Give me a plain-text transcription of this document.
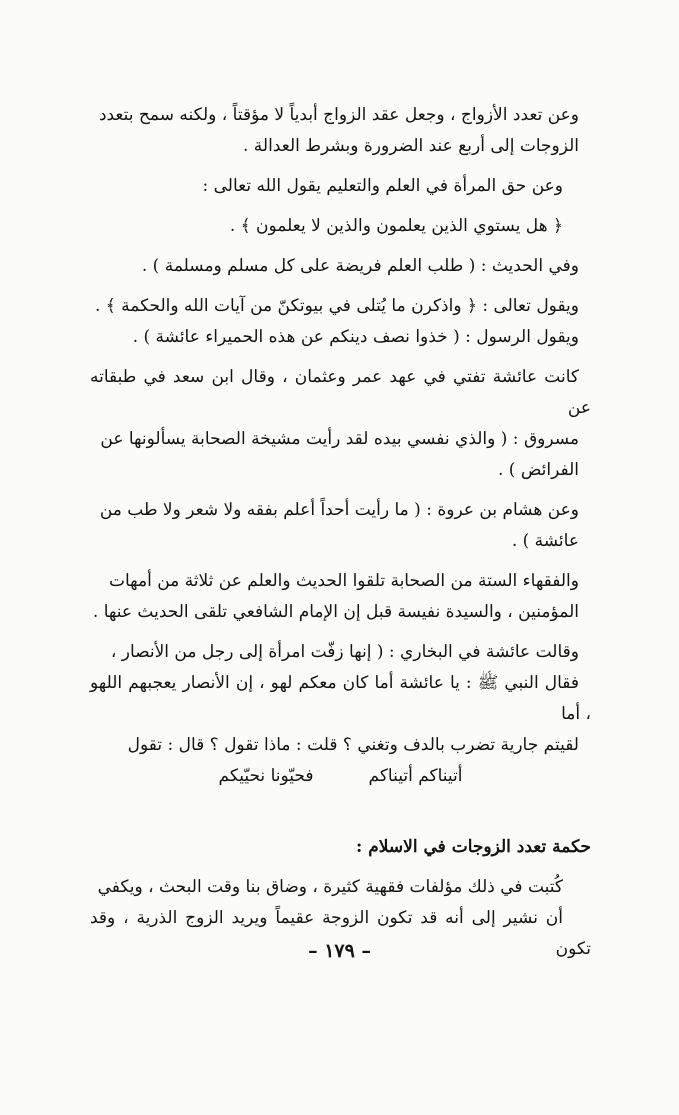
وعن تعدد الأزواج ، وجعل عقد الزواج أبدياً لا مؤقتاً ، ولكنه سمح بتعدد
الزوجات إلى أربع عند الضرورة وبشرط العدالة .
وعن حق المرأة في العلم والتعليم يقول الله تعالى :
﴿ هل يستوي الذين يعلمون والذين لا يعلمون ﴾ .
وفي الحديث : ( طلب العلم فريضة على كل مسلم ومسلمة ) .
ويقول تعالى : ﴿ واذكرن ما يُتلى في بيوتكنّ من آيات الله والحكمة ﴾ .
ويقول الرسول : ( خذوا نصف دينكم عن هذه الحميراء عائشة ) .
كانت عائشة تفتي في عهد عمر وعثمان ، وقال ابن سعد في طبقاته عن
مسروق : ( والذي نفسي بيده لقد رأيت مشيخة الصحابة يسألونها عن
الفرائض ) .
وعن هشام بن عروة : ( ما رأيت أحداً أعلم بفقه ولا شعر ولا طب من
عائشة ) .
والفقهاء الستة من الصحابة تلقوا الحديث والعلم عن ثلاثة من أمهات
المؤمنين ، والسيدة نفيسة قبل إن الإمام الشافعي تلقى الحديث عنها .
وقالت عائشة في البخاري : ( إنها زفّت امرأة إلى رجل من الأنصار ،
فقال النبي ﷺ : يا عائشة أما كان معكم لهو ، إن الأنصار يعجبهم اللهو ، أما
لقيتم جارية تضرب بالدف وتغني ؟ قلت : ماذا تقول ؟ قال : تقول
أتيناكم أتيناكم
فحيّونا نحيّيكم
حكمة تعدد الزوجات في الاسلام :
كُتبت في ذلك مؤلفات فقهية كثيرة ، وضاق بنا وقت البحث ، ويكفي
أن نشير إلى أنه قد تكون الزوجة عقيماً ويريد الزوج الذرية ، وقد تكون
– ١٧٩ –
